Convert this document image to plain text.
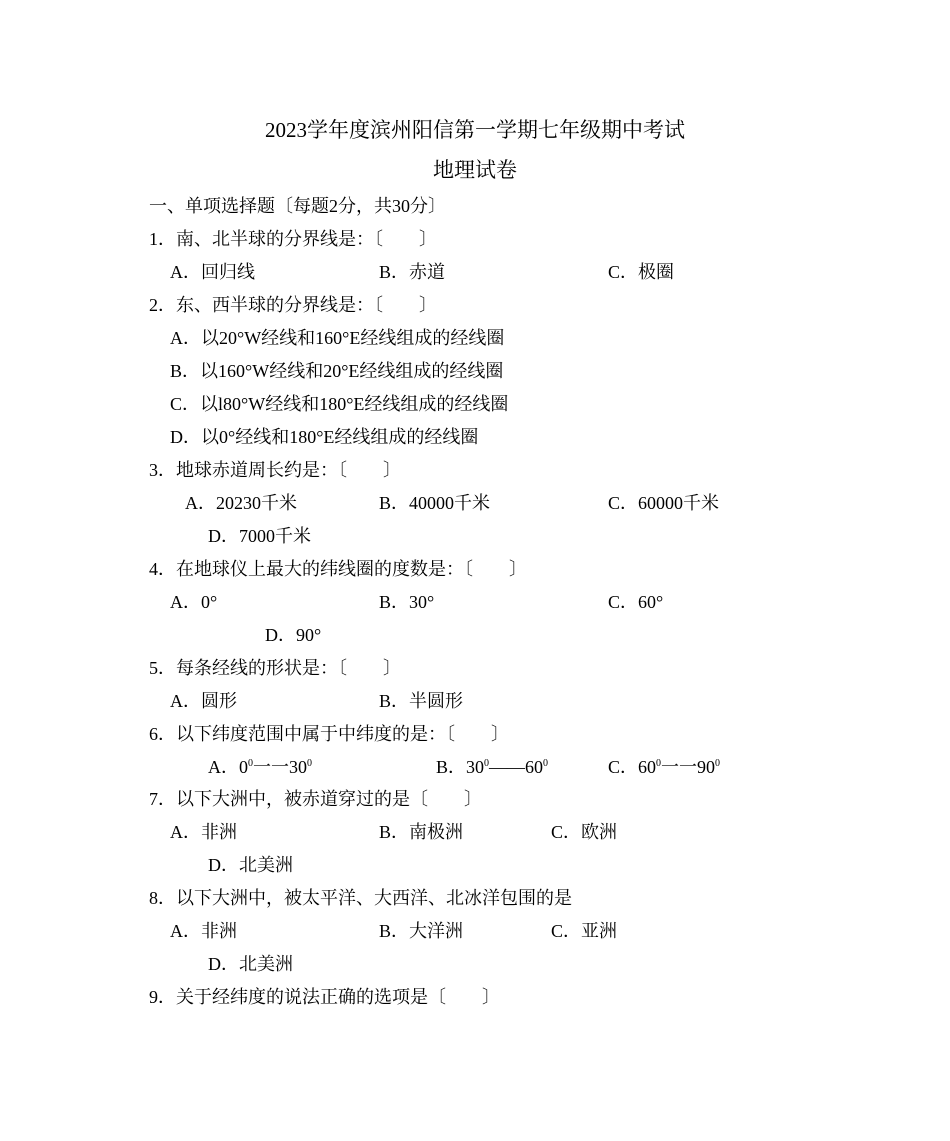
2023学年度滨州阳信第一学期七年级期中考试
地理试卷
一、单项选择题〔每题2分，共30分〕
1．南、北半球的分界线是：〔　　〕
A．回归线	B．赤道	C．极圈
2．东、西半球的分界线是：〔　　〕
A．以20°W经线和160°E经线组成的经线圈
B．以160°W经线和20°E经线组成的经线圈
C．以l80°W经线和180°E经线组成的经线圈
D．以0°经线和180°E经线组成的经线圈
3．地球赤道周长约是：〔　　〕
A．20230千米	B．40000千米	C．60000千米
D．7000千米
4．在地球仪上最大的纬线圈的度数是：〔　　〕
A．0°	B．30°	C．60°
D．90°
5．每条经线的形状是：〔　　〕
A．圆形	B．半圆形
6．以下纬度范围中属于中纬度的是：〔　　〕
A．$0^0$一一$30^0$	B．$30^0——60^0$	C．$60^0$一一$90^0$
7．以下大洲中，被赤道穿过的是〔　　〕
A．非洲	B．南极洲	C．欧洲
D．北美洲
8．以下大洲中，被太平洋、大西洋、北冰洋包围的是
A．非洲	B．大洋洲	C．亚洲
D．北美洲
9．关于经纬度的说法正确的选项是〔　　〕
